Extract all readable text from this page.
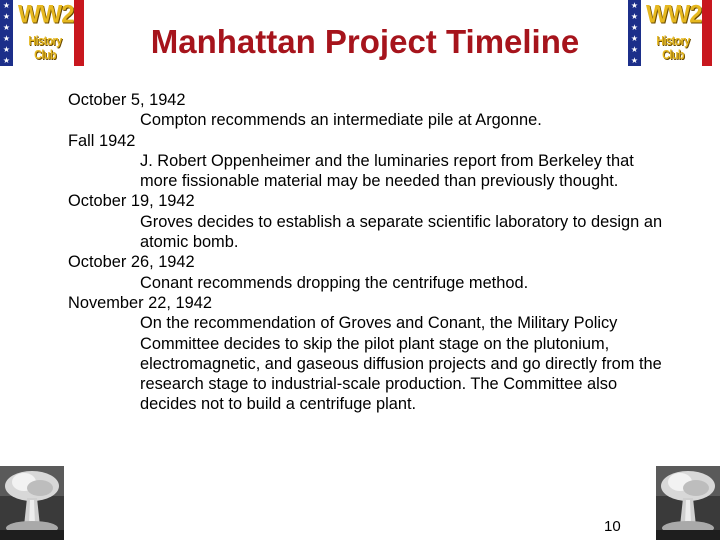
★
★
★
★
★
★
WW2
History Club
★
★
★
★
★
★
WW2
History Club
Manhattan Project Timeline
October 5, 1942
Compton recommends an intermediate pile at Argonne.
Fall 1942
J. Robert Oppenheimer and the luminaries report from Berkeley that more fissionable material may be needed than previously thought.
October 19, 1942
Groves decides to establish a separate scientific laboratory to design an atomic bomb.
October 26, 1942
Conant recommends dropping the centrifuge method.
November 22, 1942
On the recommendation of Groves and Conant, the Military Policy Committee decides to skip the pilot plant stage on the plutonium, electromagnetic, and gaseous diffusion projects and go directly from the research stage to industrial-scale production. The Committee also decides not to build a centrifuge plant.
10
